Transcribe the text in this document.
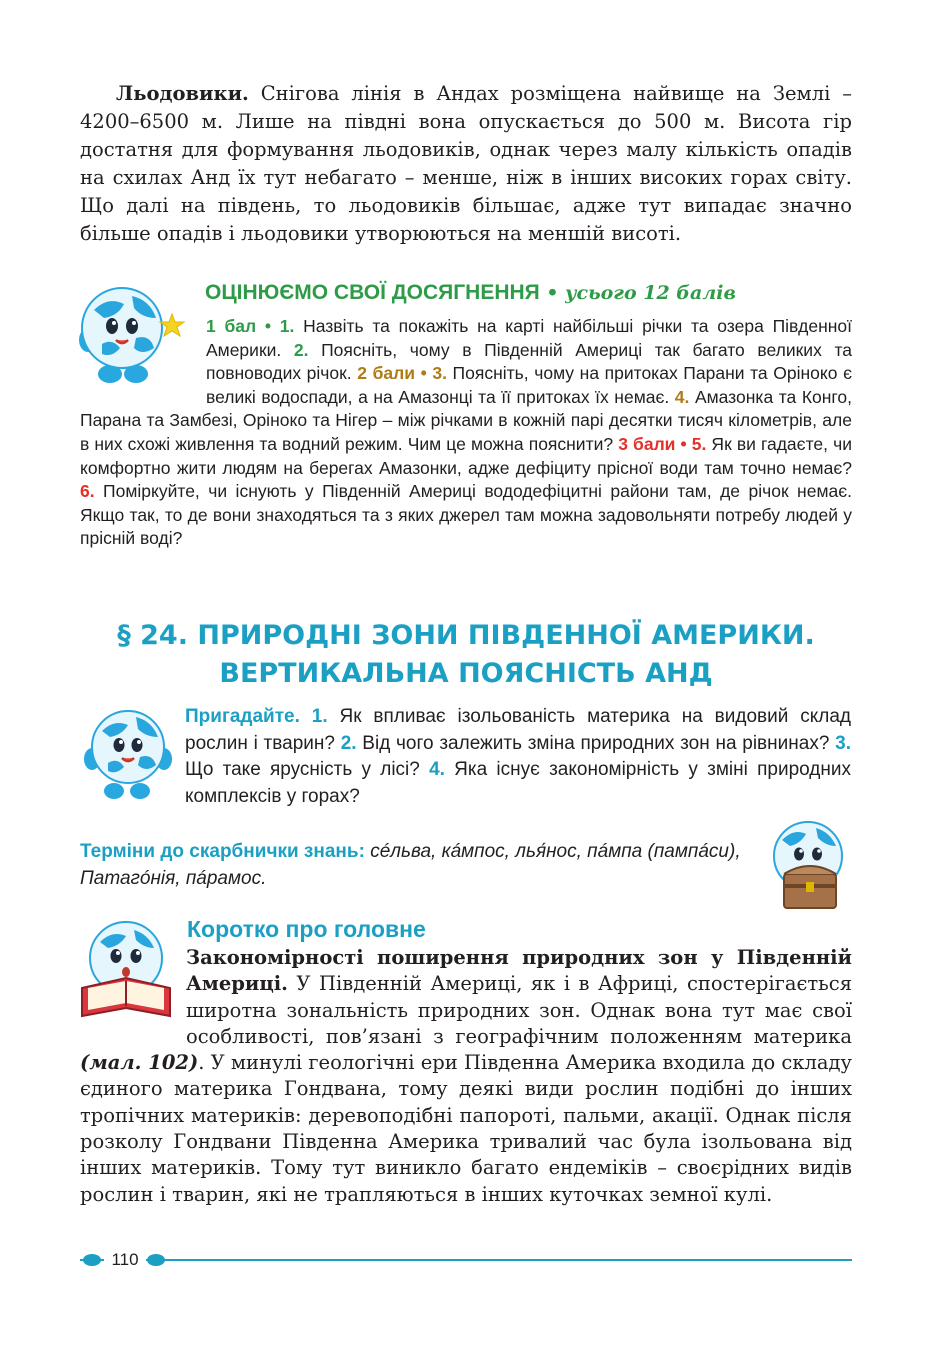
Льодовики. Снігова лінія в Андах розміщена найвище на Землі – 4200–6500 м. Лише на півдні вона опускається до 500 м. Висота гір достатня для формування льодовиків, однак через малу кількість опадів на схилах Анд їх тут небагато – менше, ніж в інших високих горах світу. Що далі на південь, то льодовиків більшає, адже тут випадає значно більше опадів і льодовики утворюються на меншій висоті.

ОЦІНЮЄМО СВОЇ ДОСЯГНЕННЯ • усього 12 балів

1 бал • 1. Назвіть та покажіть на карті найбільші річки та озера Південної Америки. 2. Поясніть, чому в Південній Америці так багато великих та повноводих річок. 2 бали • 3. Поясніть, чому на притоках Парани та Оріноко є великі водоспади, а на Амазонці та її притоках їх немає. 4. Амазонка та Конго, Парана та Замбезі, Оріноко та Нігер – між річками в кожній парі десятки тисяч кілометрів, але в них схожі живлення та водний режим. Чим це можна пояснити? 3 бали • 5. Як ви гадаєте, чи комфортно жити людям на берегах Амазонки, адже дефіциту прісної води там точно немає? 6. Поміркуйте, чи існують у Південній Америці вододефіцитні райони там, де річок немає. Якщо так, то де вони знаходяться та з яких джерел там можна задовольняти потребу людей у прісній воді?

§ 24. ПРИРОДНІ ЗОНИ ПІВДЕННОЇ АМЕРИКИ.
ВЕРТИКАЛЬНА ПОЯСНІСТЬ АНД

Пригадайте. 1. Як впливає ізольованість материка на видовий склад рослин і тварин? 2. Від чого залежить зміна природних зон на рівнинах? 3. Що таке ярусність у лісі? 4. Яка існує закономірність у зміні природних комплексів у горах?

Терміни до скарбнички знань: céльва, кáмпос, лья́нос, пáмпа (пампáси), Патагóнія, пáрамос.

Коротко про головне

Закономірності поширення природних зон у Південній Америці. У Південній Америці, як і в Африці, спостерігається широтна зональність природних зон. Однак вона тут має свої особливості, пов’язані з географічним положенням материка (мал. 102). У минулі геологічні ери Південна Америка входила до складу єдиного материка Гондвана, тому деякі види рослин подібні до інших тропічних материків: деревоподібні папороті, пальми, акації. Однак після розколу Гондвани Південна Америка тривалий час була ізольована від інших материків. Тому тут виникло багато ендеміків – своєрідних видів рослин і тварин, які не трапляються в інших куточках земної кулі.

110
